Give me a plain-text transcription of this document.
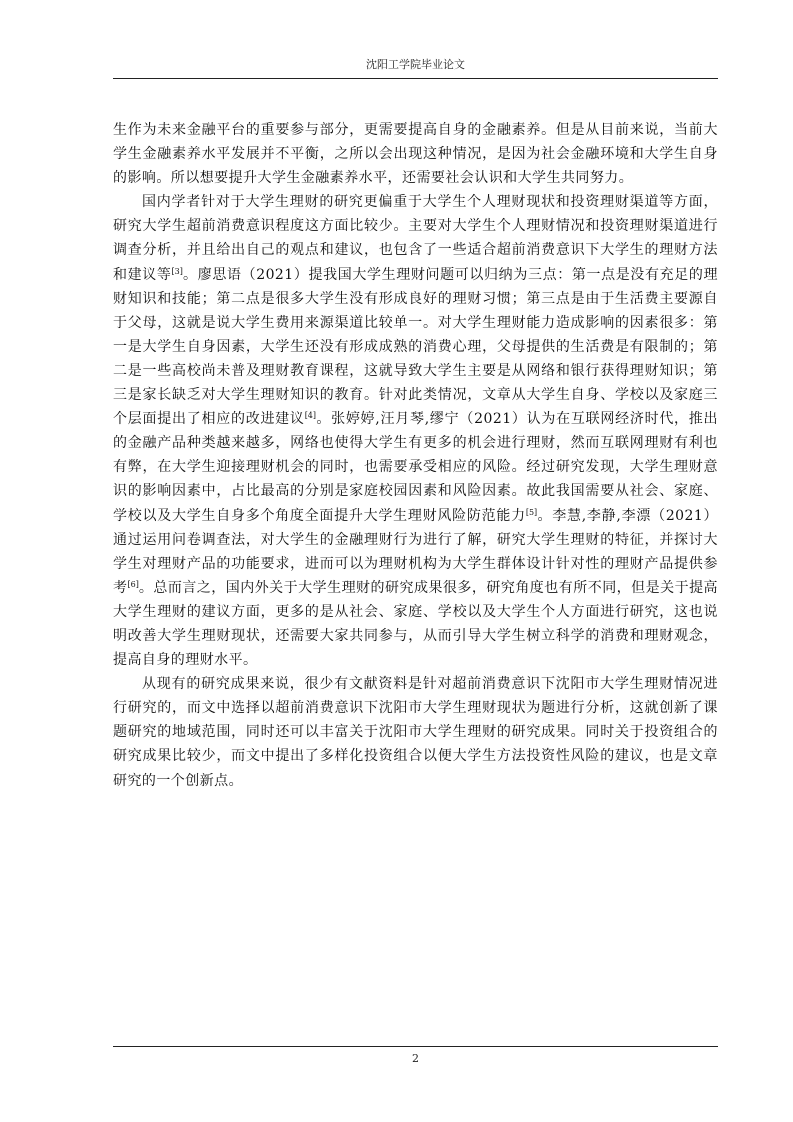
沈阳工学院毕业论文

生作为未来金融平台的重要参与部分，更需要提高自身的金融素养。但是从目前来说，当前大学生金融素养水平发展并不平衡，之所以会出现这种情况，是因为社会金融环境和大学生自身的影响。所以想要提升大学生金融素养水平，还需要社会认识和大学生共同努力。

国内学者针对于大学生理财的研究更偏重于大学生个人理财现状和投资理财渠道等方面，研究大学生超前消费意识程度这方面比较少。主要对大学生个人理财情况和投资理财渠道进行调查分析，并且给出自己的观点和建议，也包含了一些适合超前消费意识下大学生的理财方法和建议等[3]。廖思语（2021）提我国大学生理财问题可以归纳为三点：第一点是没有充足的理财知识和技能；第二点是很多大学生没有形成良好的理财习惯；第三点是由于生活费主要源自于父母，这就是说大学生费用来源渠道比较单一。对大学生理财能力造成影响的因素很多：第一是大学生自身因素，大学生还没有形成成熟的消费心理，父母提供的生活费是有限制的；第二是一些高校尚未普及理财教育课程，这就导致大学生主要是从网络和银行获得理财知识；第三是家长缺乏对大学生理财知识的教育。针对此类情况，文章从大学生自身、学校以及家庭三个层面提出了相应的改进建议[4]。张婷婷,汪月琴,缪宁（2021）认为在互联网经济时代，推出的金融产品种类越来越多，网络也使得大学生有更多的机会进行理财，然而互联网理财有利也有弊，在大学生迎接理财机会的同时，也需要承受相应的风险。经过研究发现，大学生理财意识的影响因素中，占比最高的分别是家庭校园因素和风险因素。故此我国需要从社会、家庭、学校以及大学生自身多个角度全面提升大学生理财风险防范能力[5]。李慧,李静,李漂（2021）通过运用问卷调查法，对大学生的金融理财行为进行了解，研究大学生理财的特征，并探讨大学生对理财产品的功能要求，进而可以为理财机构为大学生群体设计针对性的理财产品提供参考[6]。总而言之，国内外关于大学生理财的研究成果很多，研究角度也有所不同，但是关于提高大学生理财的建议方面，更多的是从社会、家庭、学校以及大学生个人方面进行研究，这也说明改善大学生理财现状，还需要大家共同参与，从而引导大学生树立科学的消费和理财观念，提高自身的理财水平。

从现有的研究成果来说，很少有文献资料是针对超前消费意识下沈阳市大学生理财情况进行研究的，而文中选择以超前消费意识下沈阳市大学生理财现状为题进行分析，这就创新了课题研究的地域范围，同时还可以丰富关于沈阳市大学生理财的研究成果。同时关于投资组合的研究成果比较少，而文中提出了多样化投资组合以便大学生方法投资性风险的建议，也是文章研究的一个创新点。

2
